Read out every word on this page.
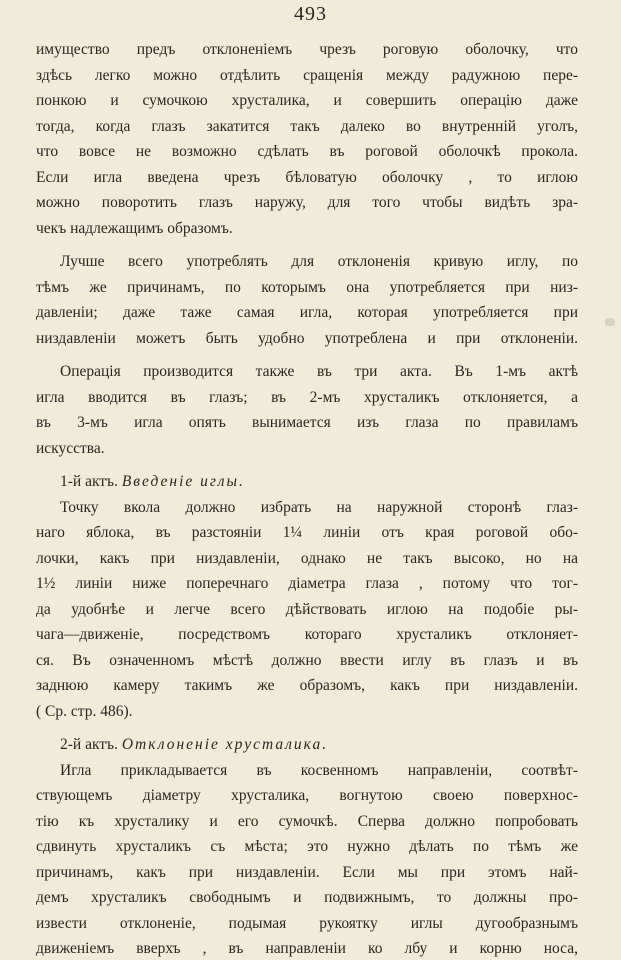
493
имущество предъ отклоненіемъ чрезъ роговую оболочку, что
здѣсь легко можно отдѣлить сращенія между радужною пере-
понкою и сумочкою хрусталика, и совершить операцію даже
тогда, когда глазъ закатится такъ далеко во внутренній уголъ,
что вовсе не возможно сдѣлать въ роговой оболочкѣ прокола.
Если игла введена чрезъ бѣловатую оболочку , то иглою
можно поворотить глазъ наружу, для того чтобы видѣть зра-
чекъ надлежащимъ образомъ.
Лучше всего употреблять для отклоненія кривую иглу, по
тѣмъ же причинамъ, по которымъ она употребляется при низ-
давленіи; даже таже самая игла, которая употребляется при
низдавленіи можетъ быть удобно употреблена и при отклоненіи.
Операція производится также въ три акта. Въ 1-мъ актѣ
игла вводится въ глазъ; въ 2-мъ хрусталикъ отклоняется, а
въ 3-мъ игла опять вынимается изъ глаза по правиламъ
искусства.
1-й актъ. Введеніе иглы.
Точку вкола должно избрать на наружной сторонѣ глаз-
наго яблока, въ разстояніи 1¼ линіи отъ края роговой обо-
лочки, какъ при низдавленіи, однако не такъ высоко, но на
1½ линіи ниже поперечнаго діаметра глаза , потому что тог-
да удобнѣе и легче всего дѣйствовать иглою на подобіе ры-
чага—движеніе, посредствомъ котораго хрусталикъ отклоняет-
ся. Въ означенномъ мѣстѣ должно ввести иглу въ глазъ и въ
заднюю камеру такимъ же образомъ, какъ при низдавленіи.
( Ср. стр. 486).
2-й актъ. Отклоненіе хрусталика.
Игла прикладывается въ косвенномъ направленіи, соотвѣт-
ствующемъ діаметру хрусталика, вогнутою своею поверхнос-
тію къ хрусталику и его сумочкѣ. Сперва должно попробовать
сдвинуть хрусталикъ съ мѣста; это нужно дѣлать по тѣмъ же
причинамъ, какъ при низдавленіи. Если мы при этомъ най-
демъ хрусталикъ свободнымъ и подвижнымъ, то должны про-
извести отклоненіе, подымая рукоятку иглы дугообразнымъ
движеніемъ вверхъ , въ направленіи ко лбу и корню носа,
